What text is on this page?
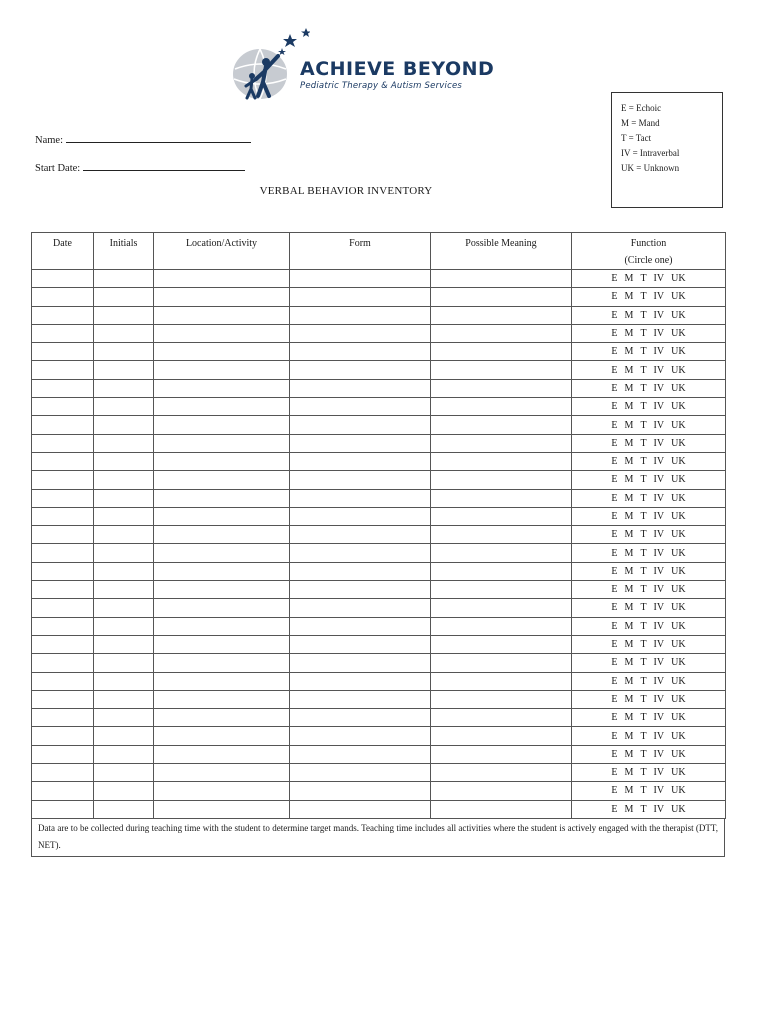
ACHIEVE BEYOND
Pediatric Therapy & Autism Services
E = Echoic
M = Mand
T = Tact
IV = Intraverbal
UK = Unknown
Name:
Start Date:
VERBAL BEHAVIOR INVENTORY
Date	Initials	Location/Activity	Form	Possible Meaning	Function
(Circle one)

					E M T IV UK
					E M T IV UK
					E M T IV UK
					E M T IV UK
					E M T IV UK
					E M T IV UK
					E M T IV UK
					E M T IV UK
					E M T IV UK
					E M T IV UK
					E M T IV UK
					E M T IV UK
					E M T IV UK
					E M T IV UK
					E M T IV UK
					E M T IV UK
					E M T IV UK
					E M T IV UK
					E M T IV UK
					E M T IV UK
					E M T IV UK
					E M T IV UK
					E M T IV UK
					E M T IV UK
					E M T IV UK
					E M T IV UK
					E M T IV UK
					E M T IV UK
					E M T IV UK
					E M T IV UK
Data are to be collected during teaching time with the student to determine target mands. Teaching time includes all activities where the student is actively engaged with the therapist (DTT, NET).
